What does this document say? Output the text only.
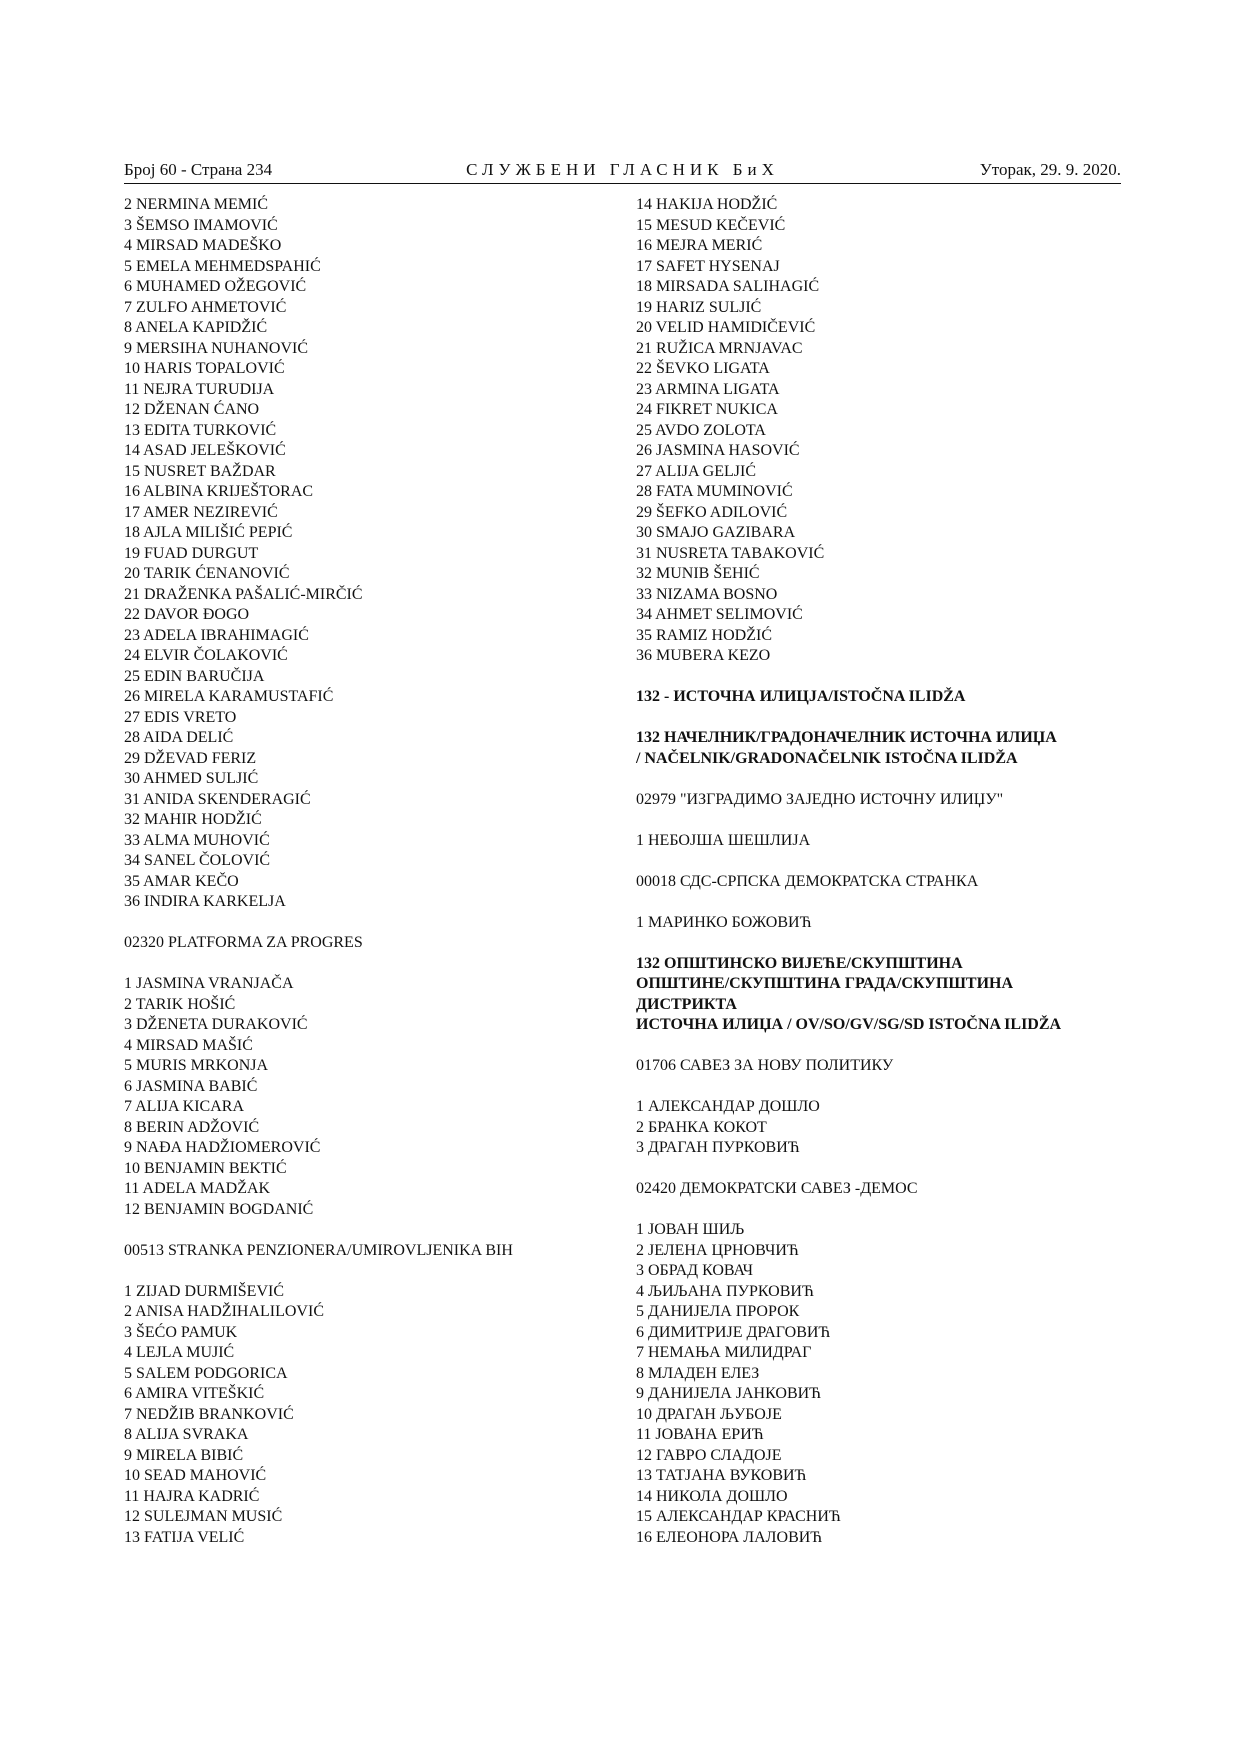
Број 60 - Страна 234	СЛУЖБЕНИ ГЛАСНИК БиХ	Уторак, 29. 9. 2020.
2 NERMINA MEMIĆ
3 ŠEMSO IMAMOVIĆ
4 MIRSAD MADEŠKO
5 EMELA MEHMEDSPAHIĆ
6 MUHAMED OŽEGOVIĆ
7 ZULFO AHMETOVIĆ
8 ANELA KAPIDŽIĆ
9 MERSIHA NUHANOVIĆ
10 HARIS TOPALOVIĆ
11 NEJRA TURUDIJA
12 DŽENAN ĆANO
13 EDITA TURKOVIĆ
14 ASAD JELEŠKOVIĆ
15 NUSRET BAŽDAR
16 ALBINA KRIJEŠTORAC
17 AMER NEZIREVIĆ
18 AJLA MILIŠIĆ PEPIĆ
19 FUAD DURGUT
20 TARIK ĆENANOVIĆ
21 DRAŽENKA PAŠALIĆ-MIRČIĆ
22 DAVOR ĐOGO
23 ADELA IBRAHIMAGIĆ
24 ELVIR ČOLAKOVIĆ
25 EDIN BARUČIJA
26 MIRELA KARAMUSTAFIĆ
27 EDIS VRETO
28 AIDA DELIĆ
29 DŽEVAD FERIZ
30 AHMED SULJIĆ
31 ANIDA SKENDERAGIĆ
32 MAHIR HODŽIĆ
33 ALMA MUHOVIĆ
34 SANEL ČOLOVIĆ
35 AMAR KEČO
36 INDIRA KARKELJA
02320 PLATFORMA ZA PROGRES
1 JASMINA VRANJAČA
2 TARIK HOŠIĆ
3 DŽENETA DURAKOVIĆ
4 MIRSAD MAŠIĆ
5 MURIS MRKONJA
6 JASMINA BABIĆ
7 ALIJA KICARA
8 BERIN ADŽOVIĆ
9 NAĐA HADŽIOMEROVIĆ
10 BENJAMIN BEKTIĆ
11 ADELA MADŽAK
12 BENJAMIN BOGDANIĆ
00513 STRANKA PENZIONERA/UMIROVLJENIKA BIH
1 ZIJAD DURMIŠEVIĆ
2 ANISA HADŽIHALILOVIĆ
3 ŠEĆO PAMUK
4 LEJLA MUJIĆ
5 SALEM PODGORICA
6 AMIRA VITEŠKIĆ
7 NEDŽIB BRANKOVIĆ
8 ALIJA SVRAKA
9 MIRELA BIBIĆ
10 SEAD MAHOVIĆ
11 HAJRA KADRIĆ
12 SULEJMAN MUSIĆ
13 FATIJA VELIĆ
14 HAKIJA HODŽIĆ
15 MESUD KEČEVIĆ
16 MEJRA MERIĆ
17 SAFET HYSENAJ
18 MIRSADA SALIHAGIĆ
19 HARIZ SULJIĆ
20 VELID HAMIDIČEVIĆ
21 RUŽICA MRNJAVAC
22 ŠEVKO LIGATA
23 ARMINA LIGATA
24 FIKRET NUKICA
25 AVDO ZOLOTA
26 JASMINA HASOVIĆ
27 ALIJA GELJIĆ
28 FATA MUMINOVIĆ
29 ŠEFKO ADILOVIĆ
30 SMAJO GAZIBARA
31 NUSRETA TABAKOVIĆ
32 MUNIB ŠEHIĆ
33 NIZAMA BOSNO
34 AHMET SELIMOVIĆ
35 RAMIZ HODŽIĆ
36 MUBERA KEZO
132 - ИСТОЧНА ИЛИЦЈА/ISTOČNA ILIDŽA
132 НАЧЕЛНИК/ГРАДОНАЧЕЛНИК ИСТОЧНА ИЛИЏА
/ NAČELNIK/GRADONAČELNIK ISTOČNA ILIDŽA
02979 "ИЗГРАДИМО ЗАЈЕДНО ИСТОЧНУ ИЛИЏУ"
1 НЕБОЈША ШЕШЛИЈА
00018 СДС-СРПСКА ДЕМОКРАТСКА СТРАНКА
1 МАРИНКО БОЖОВИЋ
132 ОПШТИНСКО ВИЈЕЋЕ/СКУПШТИНА
ОПШТИНЕ/СКУПШТИНА ГРАДА/СКУПШТИНА
ДИСТРИКТА
ИСТОЧНА ИЛИЏА / OV/SO/GV/SG/SD ISTOČNA ILIDŽA
01706 САВЕЗ ЗА НОВУ ПОЛИТИКУ
1 АЛЕКСАНДАР ДОШЛО
2 БРАНКА КОКОТ
3 ДРАГАН ПУРКОВИЋ
02420 ДЕМОКРАТСКИ САВЕЗ -ДЕМОС
1 ЈОВАН ШИЉ
2 ЈЕЛЕНА ЦРНОВЧИЋ
3 ОБРАД КОВАЧ
4 ЉИЉАНА ПУРКОВИЋ
5 ДАНИЈЕЛА ПРОРОК
6 ДИМИТРИЈЕ ДРАГОВИЋ
7 НЕМАЊА МИЛИДРАГ
8 МЛАДЕН ЕЛЕЗ
9 ДАНИЈЕЛА ЈАНКОВИЋ
10 ДРАГАН ЉУБОЈЕ
11 ЈОВАНА ЕРИЋ
12 ГАВРО СЛАДОЈЕ
13 ТАТЈАНА ВУКОВИЋ
14 НИКОЛА ДОШЛО
15 АЛЕКСАНДАР КРАСНИЋ
16 ЕЛЕОНОРА ЛАЛОВИЋ
